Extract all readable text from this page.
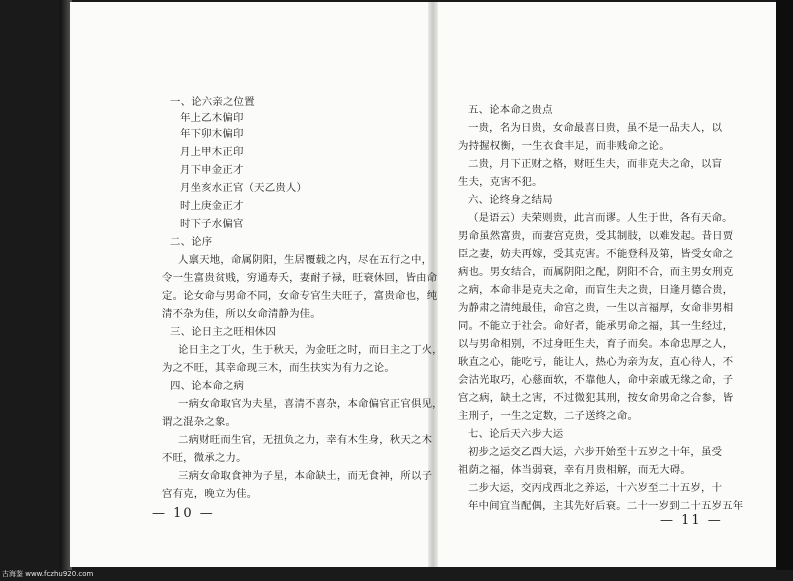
一、论六亲之位置
年上乙木偏印
年下卯木偏印
月上甲木正印
月下申金正才
月坐亥水正官（天乙贵人）
时上庚金正才
时下子水偏官
二、论序
人禀天地，命属阴阳，生居覆载之内，尽在五行之中，
令一生富贵贫贱，穷通寿夭，妻耐子禄，旺衰休回，皆由命
定。论女命与男命不同，女命专官生夫旺子，富贵命也，纯
清不杂为佳，所以女命清静为佳。
三、论日主之旺相休囚
论日主之丁火，生于秋天，为金旺之时，而日主之丁火，
为之不旺，其幸命现三木，而生扶实为有力之论。
四、论本命之病
一病女命取官为夫星，喜清不喜杂，本命偏官正官俱见，
谓之混杂之象。
二病财旺而生官，无扭负之力，幸有木生身，秋天之木
不旺，微承之力。
三病女命取食神为子星，本命缺土，而无食神，所以子
宫有克，晚立为佳。
五、论本命之贵点
一贵，名为日贵，女命最喜日贵，虽不是一品夫人，以
为持握权衡，一生衣食丰足，而非贱命之论。
二贵，月下正财之格，财旺生夫，而非克夫之命，以盲
生夫，克害不犯。
六、论终身之结局
（是语云）夫荣则贵，此言而谬。人生于世，各有天命。
男命虽然富贵，而妻宫克贵，受其制肢，以难发起。昔日贾
臣之妻，妨夫再嫁，受其克害。不能登科及第，皆受女命之
病也。男女结合，而属阴阳之配，阴阳不合，而主男女刑克
之病，本命非是克夫之命，而盲生夫之贵，日逢月德合贵，
为静肃之清纯最佳，命宫之贵，一生以言福厚，女命非男相
同。不能立于社会。命好者，能承男命之福，其一生经过，
以与男命相别，不过身旺生夫，育子而矣。本命忠厚之人，
耿直之心，能吃亏，能让人，热心为亲为友，直心待人，不
会沽光取巧，心慈面软，不靠他人，命中亲戚无缘之命，子
宫之病，缺土之害，不过微犯其刑，按女命男命之合参，皆
主刑子，一生之定数，二子送终之命。
七、论后天六步大运
初步之运交乙酉大运，六步开始至十五岁之十年，虽受
祖荫之福，体当弱衰，幸有月贵相解，而无大碍。
二步大运，交丙戌西北之养运，十六岁至二十五岁，十
年中间宜当配偶，主其先好后衰。二十一岁到二十五岁五年
— 10 —	— 11 —
古海鉴 www.fczhu920.com
